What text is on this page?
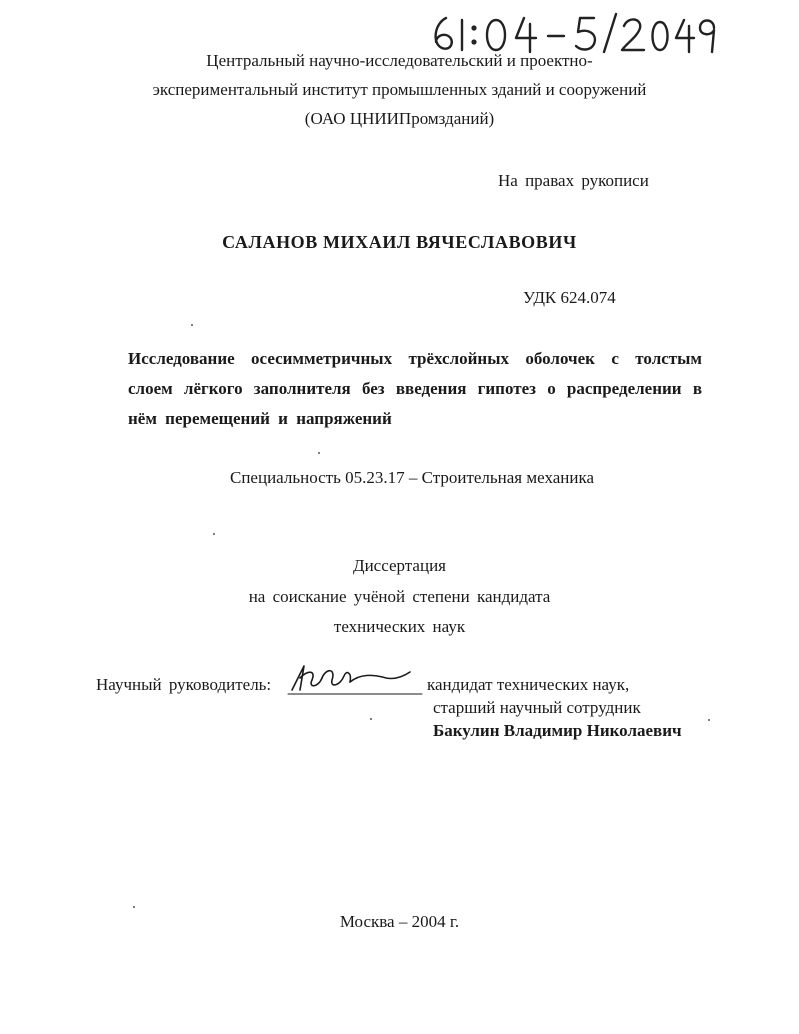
Центральный научно-исследовательский и проектно-
экспериментальный институт промышленных зданий и сооружений
(ОАО ЦНИИПромзданий)
На правах рукописи
САЛАНОВ МИХАИЛ ВЯЧЕСЛАВОВИЧ
УДК 624.074
Исследование осесимметричных трёхслойных оболочек с толстым
слоем лёгкого заполнителя без введения гипотез о распределении в
нём перемещений и напряжений
Специальность 05.23.17 – Строительная механика
Диссертация
на соискание учёной степени кандидата
технических наук
Научный руководитель:	кандидат технических наук,
старший научный сотрудник
Бакулин Владимир Николаевич
Москва – 2004 г.
